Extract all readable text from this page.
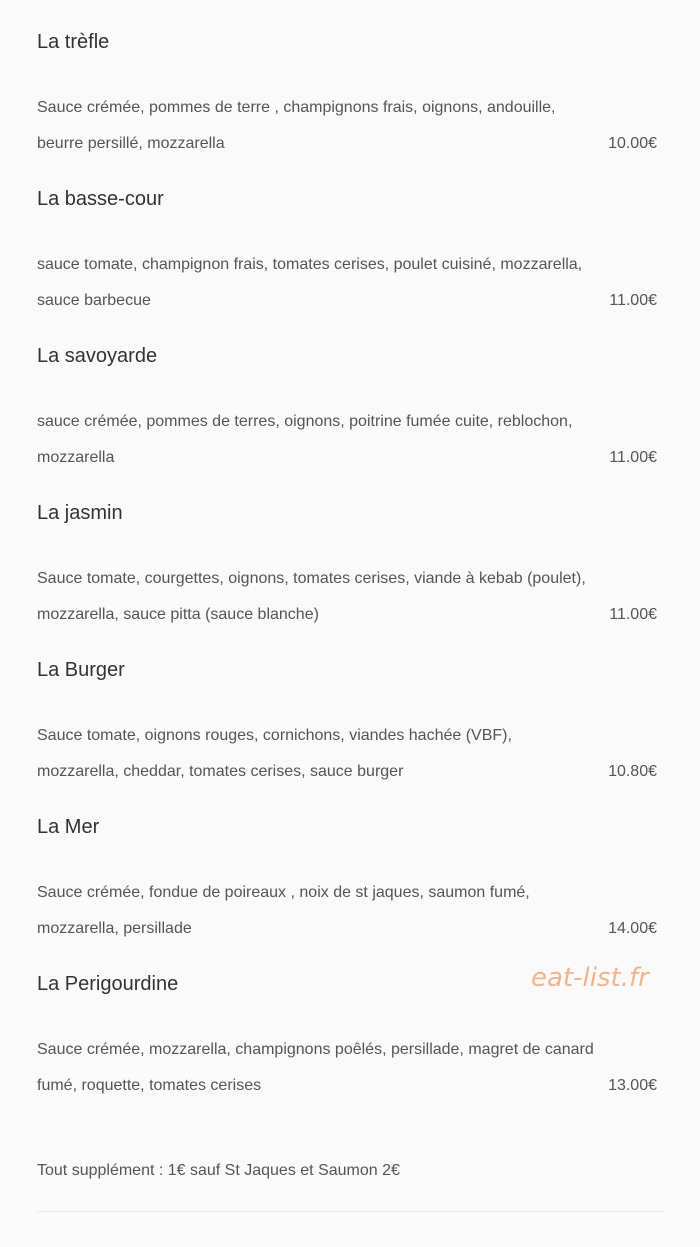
La trèfle
Sauce crémée, pommes de terre , champignons frais, oignons, andouille, beurre persillé, mozzarella	10.00€
La basse-cour
sauce tomate, champignon frais, tomates cerises, poulet cuisiné, mozzarella, sauce barbecue	11.00€
La savoyarde
sauce crémée, pommes de terres, oignons, poitrine fumée cuite, reblochon, mozzarella	11.00€
La jasmin
Sauce tomate, courgettes, oignons, tomates cerises, viande à kebab (poulet), mozzarella, sauce pitta (sauce blanche)	11.00€
La Burger
Sauce tomate, oignons rouges, cornichons, viandes hachée (VBF), mozzarella, cheddar, tomates cerises, sauce burger	10.80€
La Mer
Sauce crémée, fondue de poireaux , noix de st jaques, saumon fumé, mozzarella, persillade	14.00€
La Perigourdine
Sauce crémée, mozzarella, champignons poêlés, persillade, magret de canard fumé, roquette, tomates cerises	13.00€
eat-list.fr
Tout supplément : 1€ sauf St Jaques et Saumon 2€
